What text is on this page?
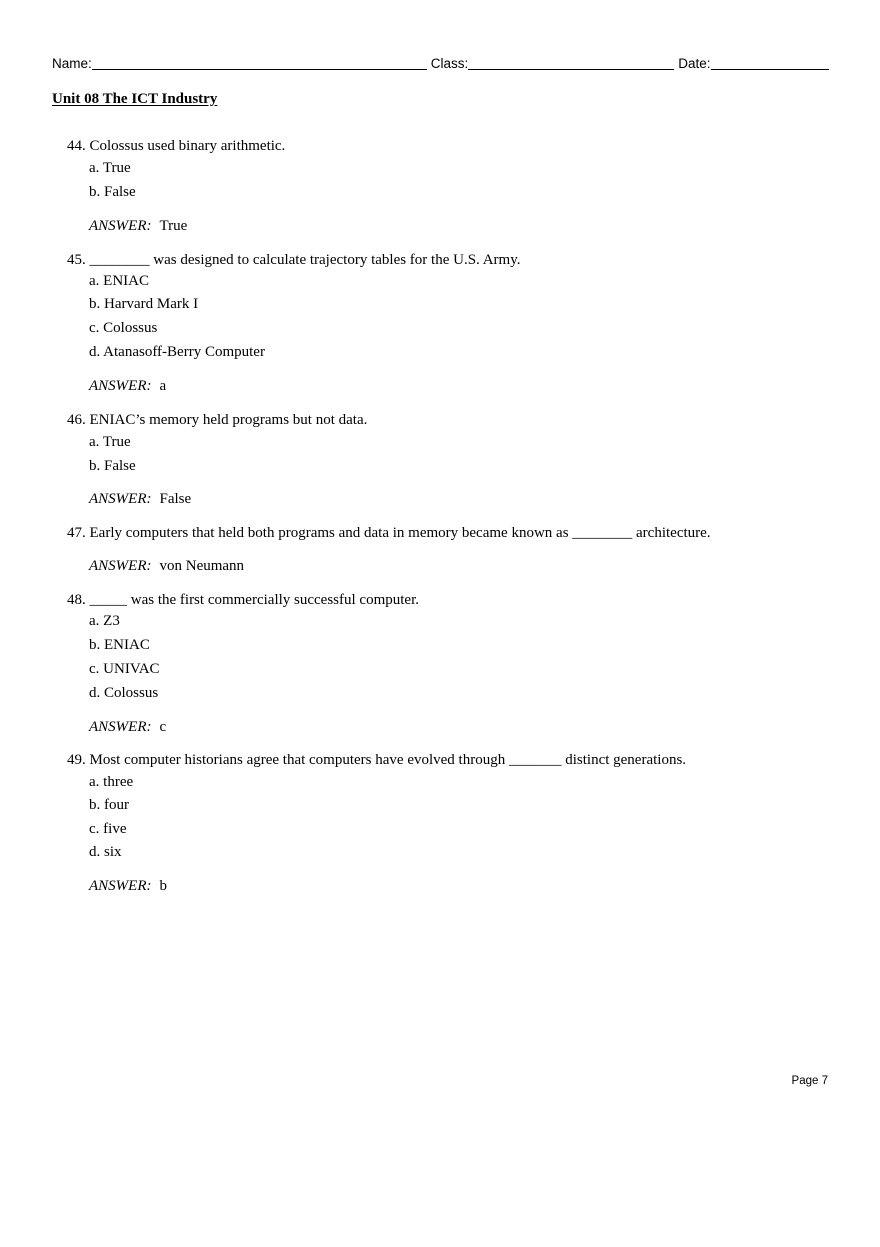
Name:	Class:	Date:
Unit 08 The ICT Industry
44. Colossus used binary arithmetic.
a. True
b. False
ANSWER: True
45. ________ was designed to calculate trajectory tables for the U.S. Army.
a. ENIAC
b. Harvard Mark I
c. Colossus
d. Atanasoff-Berry Computer
ANSWER: a
46. ENIAC’s memory held programs but not data.
a. True
b. False
ANSWER: False
47. Early computers that held both programs and data in memory became known as ________ architecture.
ANSWER: von Neumann
48. _____ was the first commercially successful computer.
a. Z3
b. ENIAC
c. UNIVAC
d. Colossus
ANSWER: c
49. Most computer historians agree that computers have evolved through _______ distinct generations.
a. three
b. four
c. five
d. six
ANSWER: b
Page 7
